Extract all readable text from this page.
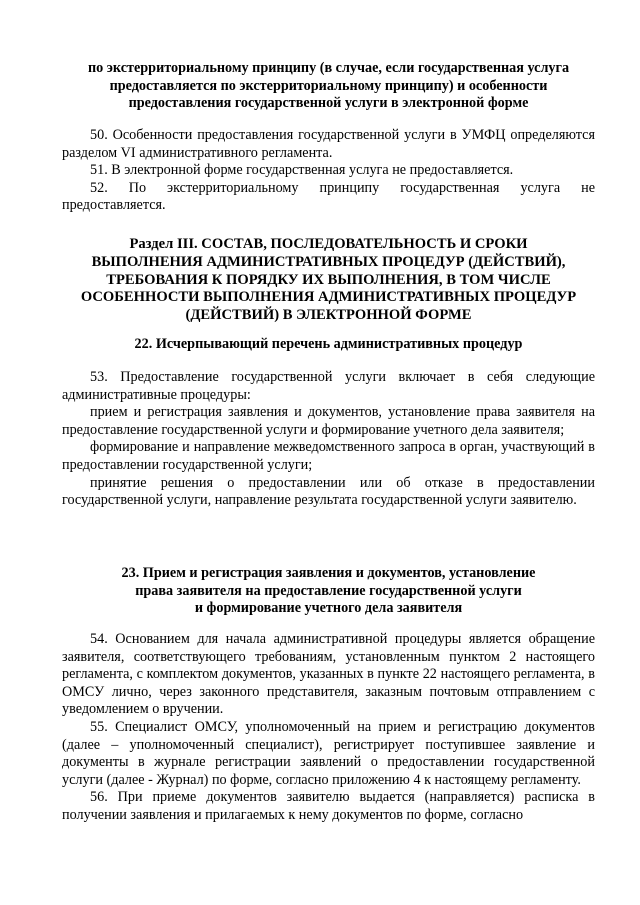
по экстерриториальному принципу (в случае, если государственная услуга
предоставляется по экстерриториальному принципу) и особенности
предоставления государственной услуги в электронной форме

50. Особенности предоставления государственной услуги в УМФЦ определяются разделом VI административного регламента.

51. В электронной форме государственная услуга не предоставляется.

52. По экстерриториальному принципу государственная услуга не предоставляется.

Раздел III. СОСТАВ, ПОСЛЕДОВАТЕЛЬНОСТЬ И СРОКИ
ВЫПОЛНЕНИЯ АДМИНИСТРАТИВНЫХ ПРОЦЕДУР (ДЕЙСТВИЙ),
ТРЕБОВАНИЯ К ПОРЯДКУ ИХ ВЫПОЛНЕНИЯ, В ТОМ ЧИСЛЕ
ОСОБЕННОСТИ ВЫПОЛНЕНИЯ АДМИНИСТРАТИВНЫХ ПРОЦЕДУР
(ДЕЙСТВИЙ) В ЭЛЕКТРОННОЙ ФОРМЕ
22. Исчерпывающий перечень административных процедур

53. Предоставление государственной услуги включает в себя следующие административные процедуры:

прием и регистрация заявления и документов, установление права заявителя на предоставление государственной услуги и формирование учетного дела заявителя;

формирование и направление межведомственного запроса в орган, участвующий в предоставлении государственной услуги;

принятие решения о предоставлении или об отказе в предоставлении государственной услуги, направление результата государственной услуги заявителю.

23. Прием и регистрация заявления и документов, установление
права заявителя на предоставление государственной услуги
и формирование учетного дела заявителя

54. Основанием для начала административной процедуры является обращение заявителя, соответствующего требованиям, установленным пунктом 2 настоящего регламента, с комплектом документов, указанных в пункте 22 настоящего регламента, в ОМСУ лично, через законного представителя, заказным почтовым отправлением с уведомлением о вручении.

55. Специалист ОМСУ, уполномоченный на прием и регистрацию документов (далее – уполномоченный специалист), регистрирует поступившее заявление и документы в журнале регистрации заявлений о предоставлении государственной услуги (далее - Журнал) по форме, согласно приложению 4 к настоящему регламенту.

56. При приеме документов заявителю выдается (направляется) расписка в получении заявления и прилагаемых к нему документов по форме, согласно
